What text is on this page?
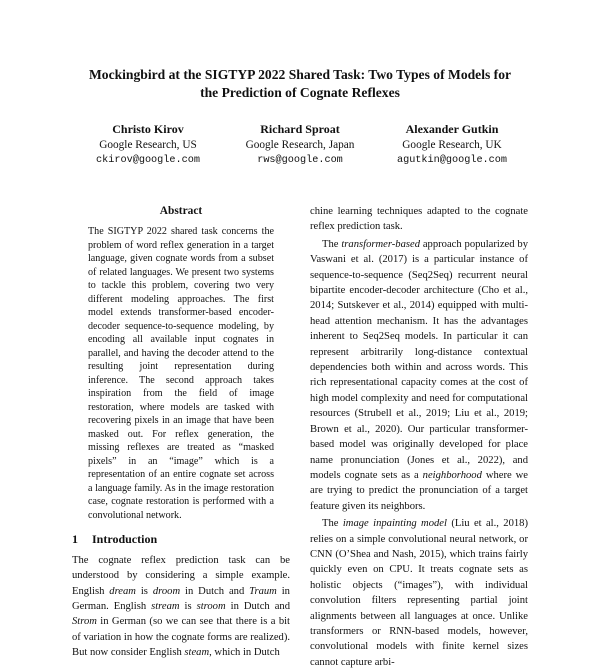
Mockingbird at the SIGTYP 2022 Shared Task: Two Types of Models for
the Prediction of Cognate Reflexes
Christo Kirov
Google Research, US
ckirov@google.com
Richard Sproat
Google Research, Japan
rws@google.com
Alexander Gutkin
Google Research, UK
agutkin@google.com
Abstract

The SIGTYP 2022 shared task concerns the problem of word reflex generation in a target language, given cognate words from a subset of related languages. We present two systems to tackle this problem, covering two very different modeling approaches. The first model extends transformer-based encoder-decoder sequence-to-sequence modeling, by encoding all available input cognates in parallel, and having the decoder attend to the resulting joint representation during inference. The second approach takes inspiration from the field of image restoration, where models are tasked with recovering pixels in an image that have been masked out. For reflex generation, the missing reflexes are treated as “masked pixels” in an “image” which is a representation of an entire cognate set across a language family. As in the image restoration case, cognate restoration is performed with a convolutional network.

1 Introduction

The cognate reflex prediction task can be understood by considering a simple example. English dream is droom in Dutch and Traum in German. English stream is stroom in Dutch and Strom in German (so we can see that there is a bit of variation in how the cognate forms are realized). But now consider English steam, which in Dutch

chine learning techniques adapted to the cognate reflex prediction task.

The transformer-based approach popularized by Vaswani et al. (2017) is a particular instance of sequence-to-sequence (Seq2Seq) recurrent neural bipartite encoder-decoder architecture (Cho et al., 2014; Sutskever et al., 2014) equipped with multi-head attention mechanism. It has the advantages inherent to Seq2Seq models. In particular it can represent arbitrarily long-distance contextual dependencies both within and across words. This rich representational capacity comes at the cost of high model complexity and need for computational resources (Strubell et al., 2019; Liu et al., 2019; Brown et al., 2020). Our particular transformer-based model was originally developed for place name pronunciation (Jones et al., 2022), and models cognate sets as a neighborhood where we are trying to predict the pronunciation of a target feature given its neighbors.

The image inpainting model (Liu et al., 2018) relies on a simple convolutional neural network, or CNN (O’Shea and Nash, 2015), which trains fairly quickly even on CPU. It treats cognate sets as holistic objects (“images”), with individual convolution filters representing partial joint alignments between all languages at once. Unlike transformers or RNN-based models, however, convolutional models with finite kernel sizes cannot capture arbi-
